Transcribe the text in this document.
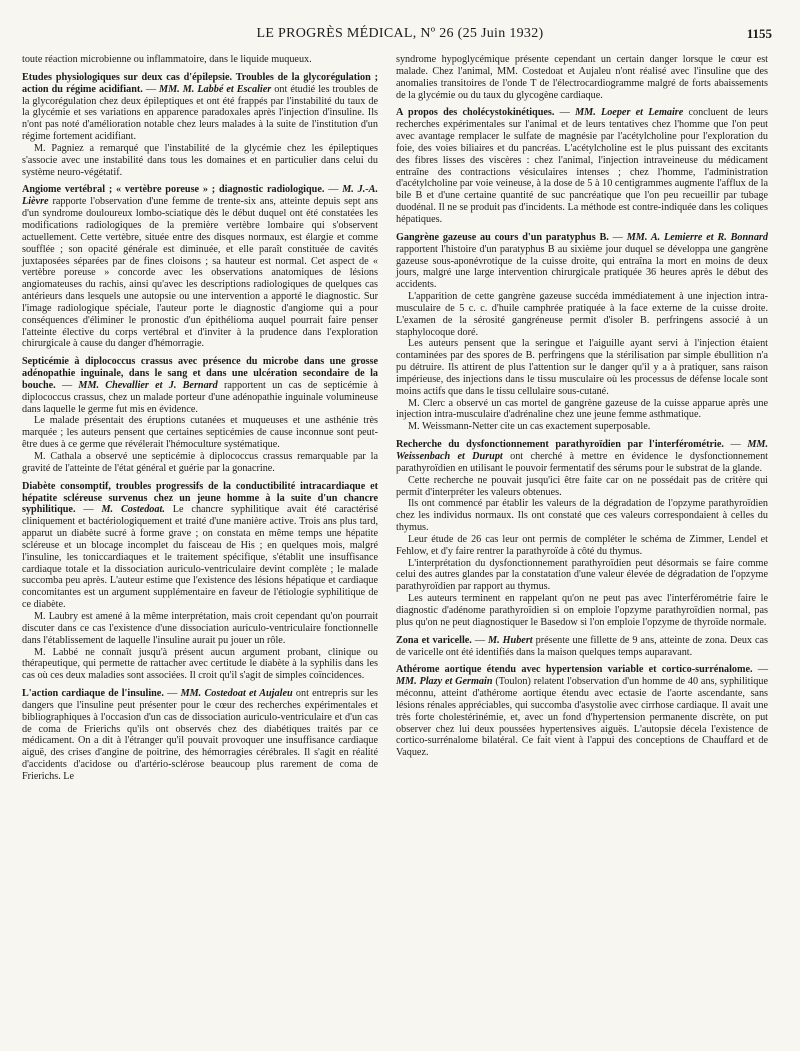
LE PROGRÈS MÉDICAL, Nº 26 (25 Juin 1932)	1155

toute réaction microbienne ou inflammatoire, dans le liquide muqueux.

Etudes physiologiques sur deux cas d'épilepsie. Troubles de la glycorégulation ; action du régime acidifiant. — MM. M. Labbé et Escalier ont étudié les troubles de la glycorégulation chez deux épileptiques et ont été frappés par l'instabilité du taux de la glycémie et ses variations en apparence paradoxales après l'injection d'insuline. Ils n'ont pas noté d'amélioration notable chez leurs malades à la suite de l'institution d'un régime fortement acidifiant.

M. Pagniez a remarqué que l'instabilité de la glycémie chez les épileptiques s'associe avec une instabilité dans tous les domaines et en particulier dans celui du système neuro-végétatif.

Angiome vertébral ; « vertèbre poreuse » ; diagnostic radiologique. — M. J.-A. Lièvre rapporte l'observation d'une femme de trente-six ans, atteinte depuis sept ans d'un syndrome douloureux lombo-sciatique dès le début duquel ont été constatées les modifications radiologiques de la première vertèbre lombaire qui s'observent actuellement. Cette vertèbre, située entre des disques normaux, est élargie et comme soufflée ; son opacité générale est diminuée, et elle paraît constituée de cavités juxtaposées séparées par de fines cloisons ; sa hauteur est normal. Cet aspect de « vertèbre poreuse » concorde avec les observations anatomiques de lésions angiomateuses du rachis, ainsi qu'avec les descriptions radiologiques de quelques cas antérieurs dans lesquels une autopsie ou une intervention a apporté le diagnostic. Sur l'image radiologique spéciale, l'auteur porte le diagnostic d'angiome qui a pour conséquences d'éliminer le pronostic d'un épithélioma auquel pourrait faire penser l'atteinte élective du corps vertébral et d'inviter à la prudence dans l'exploration chirurgicale à cause du danger d'hémorragie.

Septicémie à diplococcus crassus avec présence du microbe dans une grosse adénopathie inguinale, dans le sang et dans une ulcération secondaire de la bouche. — MM. Chevallier et J. Bernard rapportent un cas de septicémie à diplococcus crassus, chez un malade porteur d'une adénopathie inguinale volumineuse dans laquelle le germe fut mis en évidence.

Le malade présentait des éruptions cutanées et muqueuses et une asthénie très marquée ; les auteurs pensent que certaines septicémies de cause inconnue sont peut-être dues à ce germe que révélerait l'hémoculture systématique.

M. Cathala a observé une septicémie à diplococcus crassus remarquable par la gravité de l'atteinte de l'état général et guérie par la gonacrine.

Diabète consomptif, troubles progressifs de la conductibilité intracardiaque et hépatite scléreuse survenus chez un jeune homme à la suite d'un chancre syphilitique. — M. Costedoat. Le chancre syphilitique avait été caractérisé cliniquement et bactériologiquement et traité d'une manière active. Trois ans plus tard, apparut un diabète sucré à forme grave ; on constata en même temps une hépatite scléreuse et un blocage incomplet du faisceau de His ; en quelques mois, malgré l'insuline, les toniccardiaques et le traitement spécifique, s'établit une insuffisance cardiaque totale et la dissociation auriculo-ventriculaire devint complète ; le malade succomba peu après. L'auteur estime que l'existence des lésions hépatique et cardiaque concomitantes est un argument supplémentaire en faveur de l'étiologie syphilitique de ce diabète.

M. Laubry est amené à la même interprétation, mais croit cependant qu'on pourrait discuter dans ce cas l'existence d'une dissociation auriculo-ventriculaire fonctionnelle dans l'établissement de laquelle l'insuline aurait pu jouer un rôle.

M. Labbé ne connaît jusqu'à présent aucun argument probant, clinique ou thérapeutique, qui permette de rattacher avec certitude le diabète à la syphilis dans les cas où ces deux maladies sont associées. Il croit qu'il s'agit de simples coïncidences.

L'action cardiaque de l'insuline. — MM. Costedoat et Aujaleu ont entrepris sur les dangers que l'insuline peut présenter pour le cœur des recherches expérimentales et bibliographiques à l'occasion d'un cas de dissociation auriculo-ventriculaire et d'un cas de coma de Frierichs qu'ils ont observés chez des diabétiques traités par ce médicament. On a dit à l'étranger qu'il pouvait provoquer une insuffisance cardiaque aiguë, des crises d'angine de poitrine, des hémorragies cérébrales. Il s'agit en réalité d'accidents d'acidose ou d'artério-sclérose beaucoup plus rarement de coma de Frierichs. Le

syndrome hypoglycémique présente cependant un certain danger lorsque le cœur est malade. Chez l'animal, MM. Costedoat et Aujaleu n'ont réalisé avec l'insuline que des anomalies transitoires de l'onde T de l'électrocardiogramme malgré de forts abaissements de la glycémie ou du taux du glycogène cardiaque.

A propos des cholécystokinétiques. — MM. Loeper et Lemaire concluent de leurs recherches expérimentales sur l'animal et de leurs tentatives chez l'homme que l'on peut avec avantage remplacer le sulfate de magnésie par l'acétylcholine pour l'exploration du foie, des voies biliaires et du pancréas. L'acétylcholine est le plus puissant des excitants des fibres lisses des viscères : chez l'animal, l'injection intraveineuse du médicament entraîne des contractions vésiculaires intenses ; chez l'homme, l'administration d'acétylcholine par voie veineuse, à la dose de 5 à 10 centigrammes augmente l'afflux de la bile B et d'une certaine quantité de suc pancréatique que l'on peu recueillir par tubage duodénal. Il ne se produit pas d'incidents. La méthode est contre-indiquée dans les coliques hépatiques.

Gangrène gazeuse au cours d'un paratyphus B. — MM. A. Lemierre et R. Bonnard rapportent l'histoire d'un paratyphus B au sixième jour duquel se développa une gangrène gazeuse sous-aponévrotique de la cuisse droite, qui entraîna la mort en moins de deux jours, malgré une large intervention chirurgicale pratiquée 36 heures après le début des accidents.

L'apparition de cette gangrène gazeuse succéda immédiatement à une injection intra-musculaire de 5 c. c. d'huile camphrée pratiquée à la face externe de la cuisse droite. L'examen de la sérosité gangréneuse permit d'isoler B. perfringens associé à un staphylocoque doré.

Les auteurs pensent que la seringue et l'aiguille ayant servi à l'injection étaient contaminées par des spores de B. perfringens que la stérilisation par simple ébullition n'a pu détruire. Ils attirent de plus l'attention sur le danger qu'il y a à pratiquer, sans raison impérieuse, des injections dans le tissu musculaire où les processus de défense locale sont moins actifs que dans le tissu cellulaire sous-cutané.

M. Clerc a observé un cas mortel de gangrène gazeuse de la cuisse apparue après une injection intra-musculaire d'adrénaline chez une jeune femme asthmatique.

M. Weissmann-Netter cite un cas exactement superposable.

Recherche du dysfonctionnement parathyroïdien par l'interférométrie. — MM. Weissenbach et Durupt ont cherché à mettre en évidence le dysfonctionnement parathyroïdien en utilisant le pouvoir fermentatif des sérums pour le substrat de la glande.

Cette recherche ne pouvait jusqu'ici être faite car on ne possédait pas de critère qui permit d'interpréter les valeurs obtenues.

Ils ont commencé par établir les valeurs de la dégradation de l'opzyme parathyroïdien chez les individus normaux. Ils ont constaté que ces valeurs correspondaient à celles du thymus.

Leur étude de 26 cas leur ont permis de compléter le schéma de Zimmer, Lendel et Fehlow, et d'y faire rentrer la parathyroïde à côté du thymus.

L'interprétation du dysfonctionnement parathyroïdien peut désormais se faire comme celui des autres glandes par la constatation d'une valeur élevée de dégradation de l'opzyme parathyroïdien par rapport au thymus.

Les auteurs terminent en rappelant qu'on ne peut pas avec l'interférométrie faire le diagnostic d'adénome parathyroïdien si on emploie l'opzyme parathyroïdien normal, pas plus qu'on ne peut diagnostiquer le Basedow si l'on emploie l'opzyme de thyroïde normale.

Zona et varicelle. — M. Hubert présente une fillette de 9 ans, atteinte de zona. Deux cas de varicelle ont été identifiés dans la maison quelques temps auparavant.

Athérome aortique étendu avec hypertension variable et cortico-surrénalome. — MM. Plazy et Germain (Toulon) relatent l'observation d'un homme de 40 ans, syphilitique méconnu, atteint d'athérome aortique étendu avec ectasie de l'aorte ascendante, sans lésions rénales appréciables, qui succomba d'asystolie avec cirrhose cardiaque. Il avait une très forte cholestérinémie, et, avec un fond d'hypertension permanente discrète, on put observer chez lui deux poussées hypertensives aiguës. L'autopsie décela l'existence de cortico-surrénalome bilatéral. Ce fait vient à l'appui des conceptions de Chauffard et de Vaquez.
